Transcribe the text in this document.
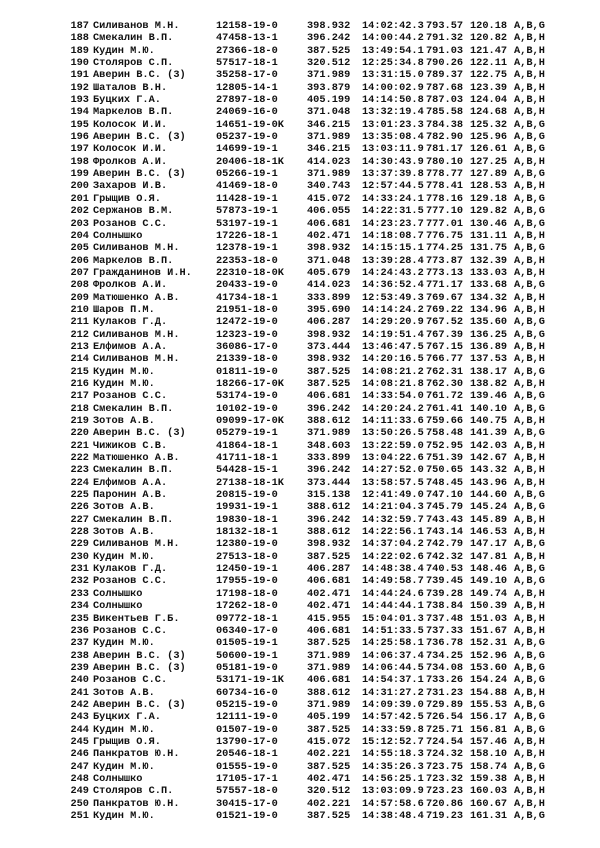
187 Силиванов М.Н.	12158-19-0	398.932 14:02:42.3 793.57 120.18 A,B,G
188 Смекалин В.П.	47458-13-1	396.242 14:00:44.2 791.32 120.82 A,B,H
189 Кудин М.Ю.	27366-18-0	387.525 13:49:54.1 791.03 121.47 A,B,H
190 Столяров С.П.	57517-18-1	320.512 12:25:34.8 790.26 122.11 A,B,H
191 Аверин В.С. (3)	35258-17-0	371.989 13:31:15.0 789.37 122.75 A,B,H
192 Шаталов В.Н.	12805-14-1	393.879 14:00:02.9 787.68 123.39 A,B,H
193 Буцких Г.А.	27897-18-0	405.199 14:14:50.8 787.03 124.04 A,B,H
194 Маркелов В.П.	24069-16-0	371.048 13:32:19.4 785.58 124.68 A,B,H
195 Колосок И.И.	14651-19-0K 346.215 13:01:23.3 784.38 125.32 A,B,G
196 Аверин В.С. (3)	05237-19-0	371.989 13:35:08.4 782.90 125.96 A,B,G
197 Колосок И.И.	14699-19-1	346.215 13:03:11.9 781.17 126.61 A,B,G
198 Фролков А.И.	20406-18-1K 414.023 14:30:43.9 780.10 127.25 A,B,H
199 Аверин В.С. (3)	05266-19-1	371.989 13:37:39.8 778.77 127.89 A,B,G
200 Захаров И.В.	41469-18-0	340.743 12:57:44.5 778.41 128.53 A,B,H
201 Грыщив О.Я.	11428-19-1	415.072 14:33:24.1 778.16 129.18 A,B,G
202 Сержанов В.М.	57873-19-1	406.055 14:22:31.5 777.10 129.82 A,B,G
203 Розанов С.С.	53197-19-1	406.681 14:23:23.7 777.01 130.46 A,B,G
204 Солнышко	17226-18-1	402.471 14:18:08.7 776.75 131.11 A,B,H
205 Силиванов М.Н.	12378-19-1	398.932 14:15:15.1 774.25 131.75 A,B,G
206 Маркелов В.П.	22353-18-0	371.048 13:39:28.4 773.87 132.39 A,B,H
207 Гражданинов И.Н. 22310-18-0K 405.679 14:24:43.2 773.13 133.03 A,B,H
208 Фролков А.И.	20433-19-0	414.023 14:36:52.4 771.17 133.68 A,B,G
209 Матюшенко А.В.	41734-18-1	333.899 12:53:49.3 769.67 134.32 A,B,H
210 Шаров П.М.	21951-18-0	395.690 14:14:24.2 769.22 134.96 A,B,H
211 Кулаков Г.Д.	12472-19-0	406.287 14:29:20.9 767.52 135.60 A,B,G
212 Силиванов М.Н.	12323-19-0	398.932 14:19:51.4 767.39 136.25 A,B,G
213 Елфимов А.А.	36086-17-0	373.444 13:46:47.5 767.15 136.89 A,B,H
214 Силиванов М.Н.	21339-18-0	398.932 14:20:16.5 766.77 137.53 A,B,H
215 Кудин М.Ю.	01811-19-0	387.525 14:08:21.2 762.31 138.17 A,B,G
216 Кудин М.Ю.	18266-17-0K 387.525 14:08:21.8 762.30 138.82 A,B,H
217 Розанов С.С.	53174-19-0	406.681 14:33:54.0 761.72 139.46 A,B,G
218 Смекалин В.П.	10102-19-0	396.242 14:20:24.2 761.41 140.10 A,B,G
219 Зотов А.В.	09099-17-0K 388.612 14:11:33.6 759.66 140.75 A,B,H
220 Аверин В.С. (3)	05279-19-1	371.989 13:50:26.5 758.48 141.39 A,B,G
221 Чижиков С.В.	41864-18-1	348.603 13:22:59.0 752.95 142.03 A,B,H
222 Матюшенко А.В.	41711-18-1	333.899 13:04:22.6 751.39 142.67 A,B,H
223 Смекалин В.П.	54428-15-1	396.242 14:27:52.0 750.65 143.32 A,B,H
224 Елфимов А.А.	27138-18-1K 373.444 13:58:57.5 748.45 143.96 A,B,H
225 Паронин А.В.	20815-19-0	315.138 12:41:49.0 747.10 144.60 A,B,G
226 Зотов А.В.	19931-19-1	388.612 14:21:04.3 745.79 145.24 A,B,G
227 Смекалин В.П.	19830-18-1	396.242 14:32:59.7 743.43 145.89 A,B,H
228 Зотов А.В.	18132-18-1	388.612 14:22:56.1 743.14 146.53 A,B,H
229 Силиванов М.Н.	12380-19-0	398.932 14:37:04.2 742.79 147.17 A,B,G
230 Кудин М.Ю.	27513-18-0	387.525 14:22:02.6 742.32 147.81 A,B,H
231 Кулаков Г.Д.	12450-19-1	406.287 14:48:38.4 740.53 148.46 A,B,G
232 Розанов С.С.	17955-19-0	406.681 14:49:58.7 739.45 149.10 A,B,G
233 Солнышко	17198-18-0	402.471 14:44:24.6 739.28 149.74 A,B,H
234 Солнышко	17262-18-0	402.471 14:44:44.1 738.84 150.39 A,B,H
235 Викентьев Г.Б.	09772-18-1	415.955 15:04:01.3 737.48 151.03 A,B,H
236 Розанов С.С.	06340-17-0	406.681 14:51:33.5 737.33 151.67 A,B,H
237 Кудин М.Ю.	01505-19-1	387.525 14:25:58.1 736.78 152.31 A,B,G
238 Аверин В.С. (3)	50600-19-1	371.989 14:06:37.4 734.25 152.96 A,B,G
239 Аверин В.С. (3)	05181-19-0	371.989 14:06:44.5 734.08 153.60 A,B,G
240 Розанов С.С.	53171-19-1K 406.681 14:54:37.1 733.26 154.24 A,B,G
241 Зотов А.В.	60734-16-0	388.612 14:31:27.2 731.23 154.88 A,B,H
242 Аверин В.С. (3)	05215-19-0	371.989 14:09:39.0 729.89 155.53 A,B,G
243 Буцких Г.А.	12111-19-0	405.199 14:57:42.5 726.54 156.17 A,B,G
244 Кудин М.Ю.	01507-19-0	387.525 14:33:59.8 725.71 156.81 A,B,G
245 Грыщив О.Я.	13790-17-0	415.072 15:12:52.7 724.54 157.46 A,B,H
246 Панкратов Ю.Н.	20546-18-1	402.221 14:55:18.3 724.32 158.10 A,B,H
247 Кудин М.Ю.	01555-19-0	387.525 14:35:26.3 723.75 158.74 A,B,G
248 Солнышко	17105-17-1	402.471 14:56:25.1 723.32 159.38 A,B,H
249 Столяров С.П.	57557-18-0	320.512 13:03:09.9 723.23 160.03 A,B,H
250 Панкратов Ю.Н.	30415-17-0	402.221 14:57:58.6 720.86 160.67 A,B,H
251 Кудин М.Ю.	01521-19-0	387.525 14:38:48.4 719.23 161.31 A,B,G
